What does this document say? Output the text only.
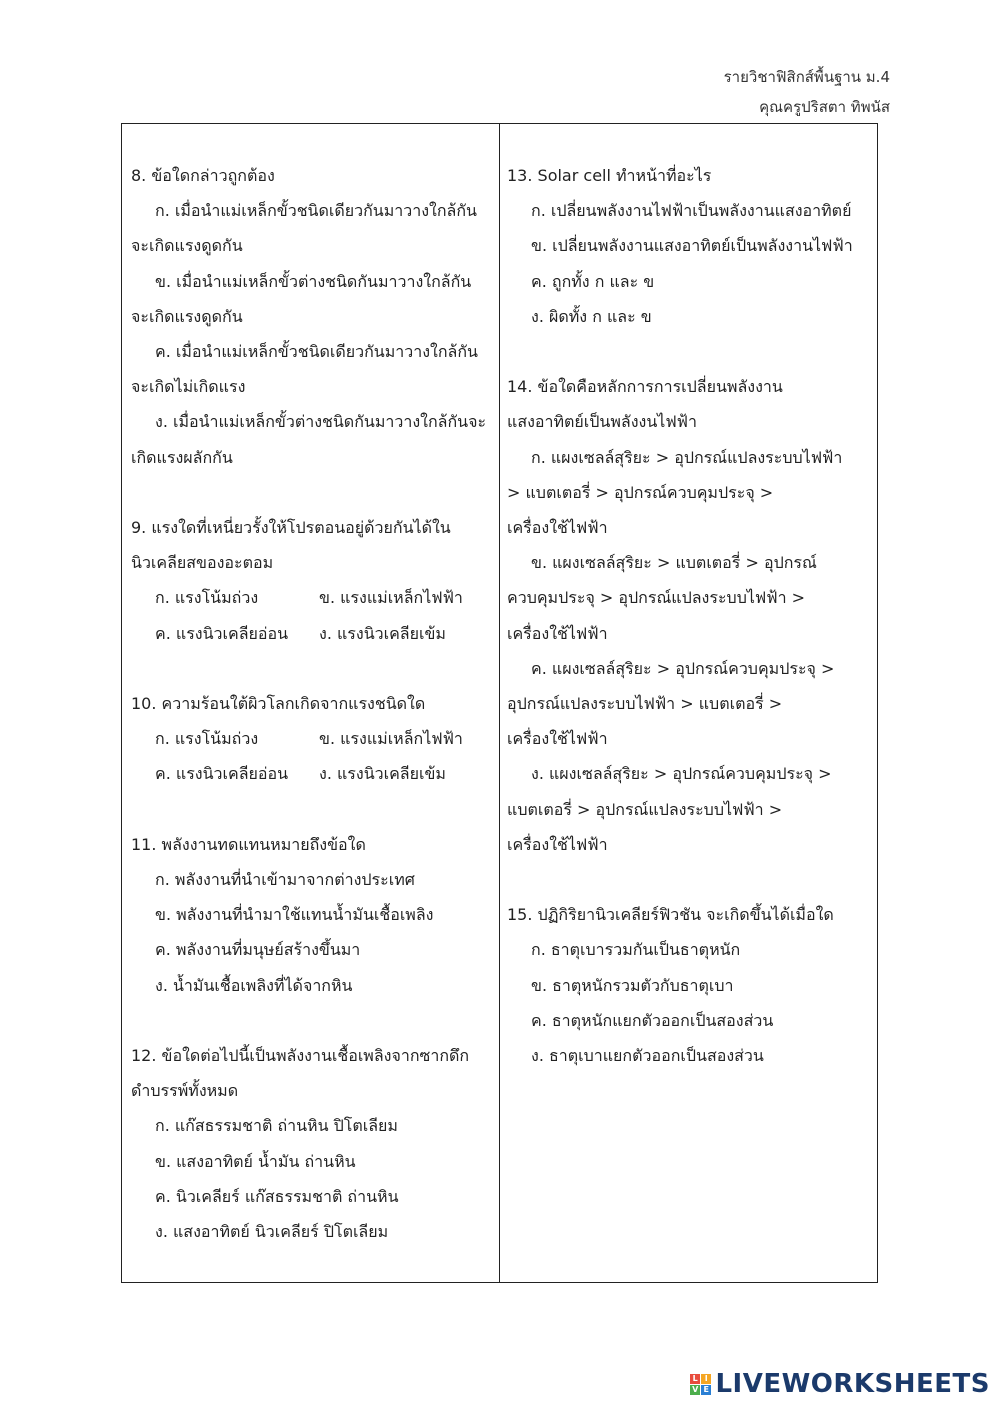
รายวิชาฟิสิกส์พื้นฐาน ม.4
คุณครูปริสตา ทิพนัส
8. ข้อใดกล่าวถูกต้อง
ก. เมื่อนำแม่เหล็กขั้วชนิดเดียวกันมาวางใกล้กัน
จะเกิดแรงดูดกัน
ข. เมื่อนำแม่เหล็กขั้วต่างชนิดกันมาวางใกล้กัน
จะเกิดแรงดูดกัน
ค. เมื่อนำแม่เหล็กขั้วชนิดเดียวกันมาวางใกล้กัน
จะเกิดไม่เกิดแรง
ง. เมื่อนำแม่เหล็กขั้วต่างชนิดกันมาวางใกล้กันจะ
เกิดแรงผลักกัน
9. แรงใดที่เหนี่ยวรั้งให้โปรตอนอยู่ด้วยกันได้ใน
นิวเคลียสของอะตอม
ก. แรงโน้มถ่วง	ข. แรงแม่เหล็กไฟฟ้า
ค. แรงนิวเคลียอ่อน	ง. แรงนิวเคลียเข้ม
10. ความร้อนใต้ผิวโลกเกิดจากแรงชนิดใด
ก. แรงโน้มถ่วง	ข. แรงแม่เหล็กไฟฟ้า
ค. แรงนิวเคลียอ่อน	ง. แรงนิวเคลียเข้ม
11. พลังงานทดแทนหมายถึงข้อใด
ก. พลังงานที่นำเข้ามาจากต่างประเทศ
ข. พลังงานที่นำมาใช้แทนน้ำมันเชื้อเพลิง
ค. พลังงานที่มนุษย์สร้างขึ้นมา
ง. น้ำมันเชื้อเพลิงที่ได้จากหิน
12. ข้อใดต่อไปนี้เป็นพลังงานเชื้อเพลิงจากซากดึก
ดำบรรพ์ทั้งหมด
ก. แก๊สธรรมชาติ ถ่านหิน ปิโตเลียม
ข. แสงอาทิตย์ น้ำมัน ถ่านหิน
ค. นิวเคลียร์ แก๊สธรรมชาติ ถ่านหิน
ง. แสงอาทิตย์ นิวเคลียร์ ปิโตเลียม
13. Solar cell ทำหน้าที่อะไร
ก. เปลี่ยนพลังงานไฟฟ้าเป็นพลังงานแสงอาทิตย์
ข. เปลี่ยนพลังงานแสงอาทิตย์เป็นพลังงานไฟฟ้า
ค. ถูกทั้ง ก และ ข
ง. ผิดทั้ง ก และ ข
14. ข้อใดคือหลักการการเปลี่ยนพลังงาน
แสงอาทิตย์เป็นพลังงนไฟฟ้า
ก. แผงเซลล์สุริยะ > อุปกรณ์แปลงระบบไฟฟ้า
> แบตเตอรี่ > อุปกรณ์ควบคุมประจุ >
เครื่องใช้ไฟฟ้า
ข. แผงเซลล์สุริยะ > แบตเตอรี่ > อุปกรณ์
ควบคุมประจุ > อุปกรณ์แปลงระบบไฟฟ้า >
เครื่องใช้ไฟฟ้า
ค. แผงเซลล์สุริยะ > อุปกรณ์ควบคุมประจุ >
อุปกรณ์แปลงระบบไฟฟ้า > แบตเตอรี่ >
เครื่องใช้ไฟฟ้า
ง. แผงเซลล์สุริยะ > อุปกรณ์ควบคุมประจุ >
แบตเตอรี่ > อุปกรณ์แปลงระบบไฟฟ้า >
เครื่องใช้ไฟฟ้า
15. ปฏิกิริยานิวเคลียร์ฟิวชัน จะเกิดขึ้นได้เมื่อใด
ก. ธาตุเบารวมกันเป็นธาตุหนัก
ข. ธาตุหนักรวมตัวกับธาตุเบา
ค. ธาตุหนักแยกตัวออกเป็นสองส่วน
ง. ธาตุเบาแยกตัวออกเป็นสองส่วน
L I
V E LIVEWORKSHEETS
